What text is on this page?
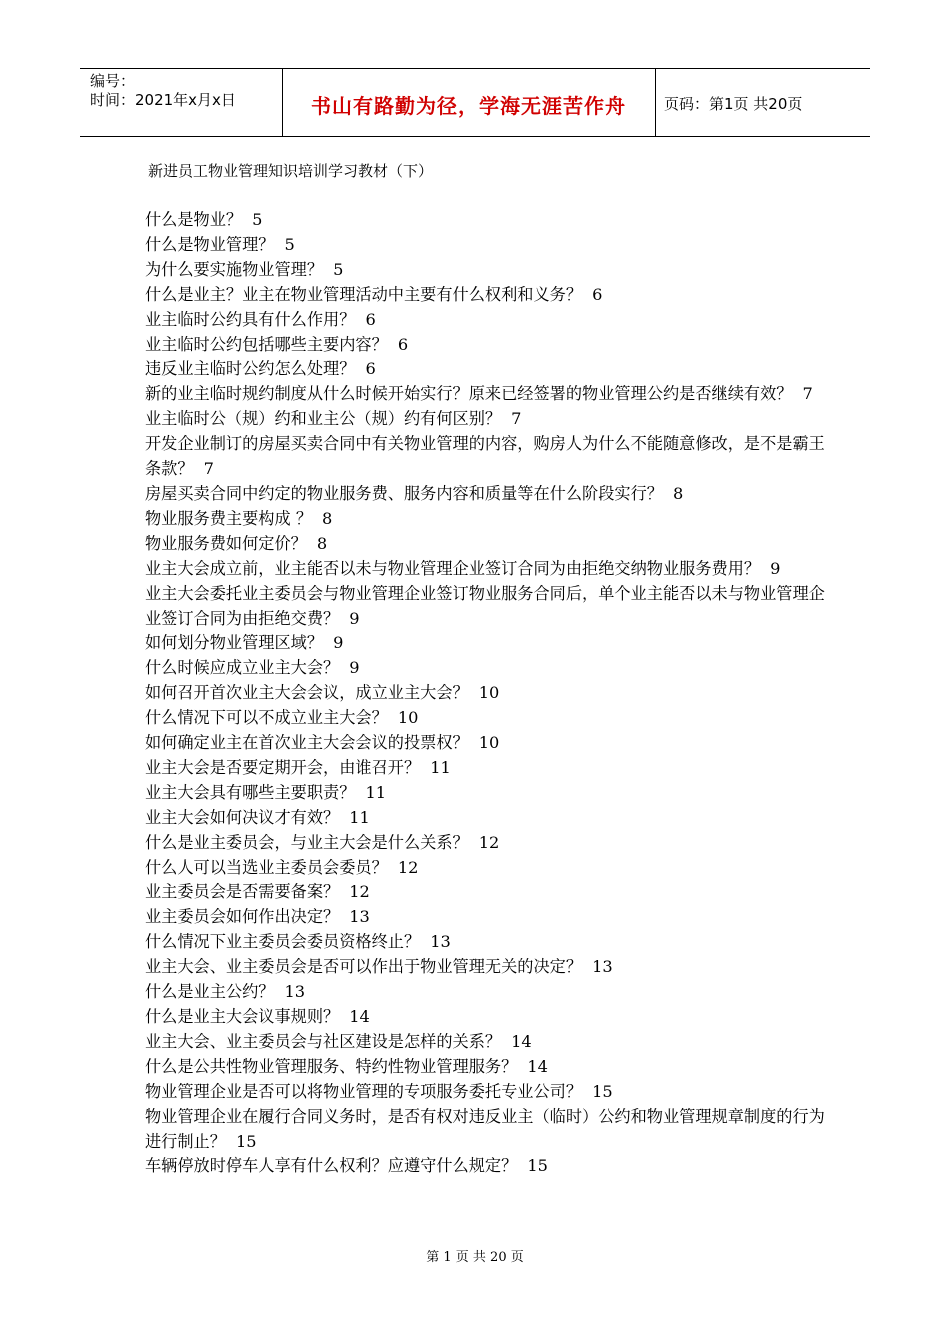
编号：
时间：2021年x月x日	书山有路勤为径，学海无涯苦作舟	页码：第1页 共20页
新进员工物业管理知识培训学习教材（下）
什么是物业？ 5
什么是物业管理？ 5
为什么要实施物业管理？ 5
什么是业主？业主在物业管理活动中主要有什么权利和义务？ 6
业主临时公约具有什么作用？ 6
业主临时公约包括哪些主要内容？ 6
违反业主临时公约怎么处理？ 6
新的业主临时规约制度从什么时候开始实行？原来已经签署的物业管理公约是否继续有效？ 7
业主临时公（规）约和业主公（规）约有何区别？ 7
开发企业制订的房屋买卖合同中有关物业管理的内容，购房人为什么不能随意修改，是不是霸王条款？ 7
房屋买卖合同中约定的物业服务费、服务内容和质量等在什么阶段实行？ 8
物业服务费主要构成 ？ 8
物业服务费如何定价？ 8
业主大会成立前，业主能否以未与物业管理企业签订合同为由拒绝交纳物业服务费用？ 9
业主大会委托业主委员会与物业管理企业签订物业服务合同后，单个业主能否以未与物业管理企业签订合同为由拒绝交费？ 9
如何划分物业管理区域？ 9
什么时候应成立业主大会？ 9
如何召开首次业主大会会议，成立业主大会？ 10
什么情况下可以不成立业主大会？ 10
如何确定业主在首次业主大会会议的投票权？ 10
业主大会是否要定期开会，由谁召开？ 11
业主大会具有哪些主要职责？ 11
业主大会如何决议才有效？ 11
什么是业主委员会，与业主大会是什么关系？ 12
什么人可以当选业主委员会委员？ 12
业主委员会是否需要备案？ 12
业主委员会如何作出决定？ 13
什么情况下业主委员会委员资格终止？ 13
业主大会、业主委员会是否可以作出于物业管理无关的决定？ 13
什么是业主公约？ 13
什么是业主大会议事规则？ 14
业主大会、业主委员会与社区建设是怎样的关系？ 14
什么是公共性物业管理服务、特约性物业管理服务？ 14
物业管理企业是否可以将物业管理的专项服务委托专业公司？ 15
物业管理企业在履行合同义务时，是否有权对违反业主（临时）公约和物业管理规章制度的行为进行制止？ 15
车辆停放时停车人享有什么权利？应遵守什么规定？ 15
第 1 页 共 20 页
